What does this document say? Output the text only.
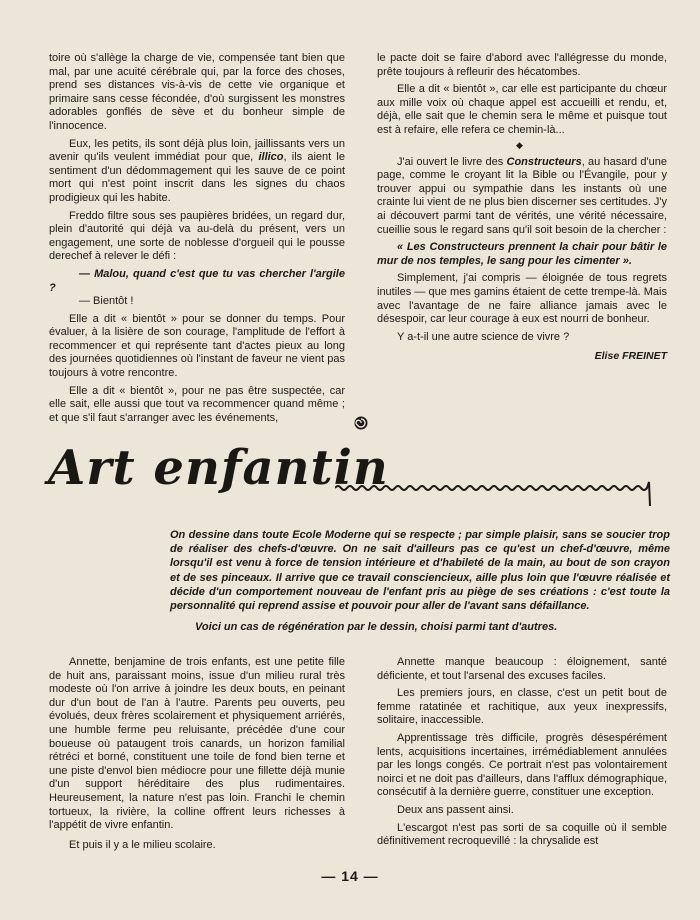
toire où s'allège la charge de vie, compensée tant bien que mal, par une acuité cérébrale qui, par la force des choses, prend ses distances vis-à-vis de cette vie organique et primaire sans cesse fécondée, d'où surgissent les monstres adorables gonflés de sève et du bonheur simple de l'innocence.

Eux, les petits, ils sont déjà plus loin, jaillissants vers un avenir qu'ils veulent immédiat pour que, illico, ils aient le sentiment d'un dédommagement qui les sauve de ce point mort qui n'est point inscrit dans les signes du chaos prodigieux qui les habite.

Freddo filtre sous ses paupières bridées, un regard dur, plein d'autorité qui déjà va au-delà du présent, vers un engagement, une sorte de noblesse d'orgueil qui le pousse derechef à relever le défi :

— Malou, quand c'est que tu vas chercher l'argile ?

— Bientôt !

Elle a dit « bientôt » pour se donner du temps. Pour évaluer, à la lisière de son courage, l'amplitude de l'effort à recommencer et qui représente tant d'actes pieux au long des journées quotidiennes où l'instant de faveur ne vient pas toujours à votre rencontre.

Elle a dit « bientôt », pour ne pas être suspectée, car elle sait, elle aussi que tout va recommencer quand même ; et que s'il faut s'arranger avec les événements,

le pacte doit se faire d'abord avec l'allégresse du monde, prête toujours à refleurir des hécatombes.

Elle a dit « bientôt », car elle est participante du chœur aux mille voix où chaque appel est accueilli et rendu, et, déjà, elle sait que le chemin sera le même et puisque tout est à refaire, elle refera ce chemin-là...

J'ai ouvert le livre des Constructeurs, au hasard d'une page, comme le croyant lit la Bible ou l'Évangile, pour y trouver appui ou sympathie dans les instants où une crainte lui vient de ne plus bien discerner ses certitudes. J'y ai découvert parmi tant de vérités, une vérité nécessaire, cueillie sous le regard sans qu'il soit besoin de la chercher :

« Les Constructeurs prennent la chair pour bâtir le mur de nos temples, le sang pour les cimenter ».

Simplement, j'ai compris — éloignée de tous regrets inutiles — que mes gamins étaient de cette trempe-là. Mais avec l'avantage de ne faire alliance jamais avec le désespoir, car leur courage à eux est nourri de bonheur.

Y a-t-il une autre science de vivre ?

Elise FREINET
◆
Art enfantin

On dessine dans toute Ecole Moderne qui se respecte ; par simple plaisir, sans se soucier trop de réaliser des chefs-d'œuvre. On ne sait d'ailleurs pas ce qu'est un chef-d'œuvre, même lorsqu'il est venu à force de tension intérieure et d'habileté de la main, au bout de son crayon et de ses pinceaux. Il arrive que ce travail consciencieux, aille plus loin que l'œuvre réalisée et décide d'un comportement nouveau de l'enfant pris au piège de ses créations : c'est toute la personnalité qui reprend assise et pouvoir pour aller de l'avant sans défaillance.

Voici un cas de régénération par le dessin, choisi parmi tant d'autres.

Annette, benjamine de trois enfants, est une petite fille de huit ans, paraissant moins, issue d'un milieu rural très modeste où l'on arrive à joindre les deux bouts, en peinant dur d'un bout de l'an à l'autre. Parents peu ouverts, peu évolués, deux frères scolairement et physiquement arriérés, une humble ferme peu reluisante, précédée d'une cour boueuse où pataugent trois canards, un horizon familial rétréci et borné, constituent une toile de fond bien terne et une piste d'envol bien médiocre pour une fillette déjà munie d'un support héréditaire des plus rudimentaires. Heureusement, la nature n'est pas loin. Franchi le chemin tortueux, la rivière, la colline offrent leurs richesses à l'appétit de vivre enfantin.

Et puis il y a le milieu scolaire.

Annette manque beaucoup : éloignement, santé déficiente, et tout l'arsenal des excuses faciles.

Les premiers jours, en classe, c'est un petit bout de femme ratatinée et rachitique, aux yeux inexpressifs, solitaire, inaccessible.

Apprentissage très difficile, progrès désespérément lents, acquisitions incertaines, irrémédiablement annulées par les longs congés. Ce portrait n'est pas volontairement noirci et ne doit pas d'ailleurs, dans l'afflux démographique, consécutif à la dernière guerre, constituer une exception.

Deux ans passent ainsi.

L'escargot n'est pas sorti de sa coquille où il semble définitivement recroquevillé : la chrysalide est

— 14 —
